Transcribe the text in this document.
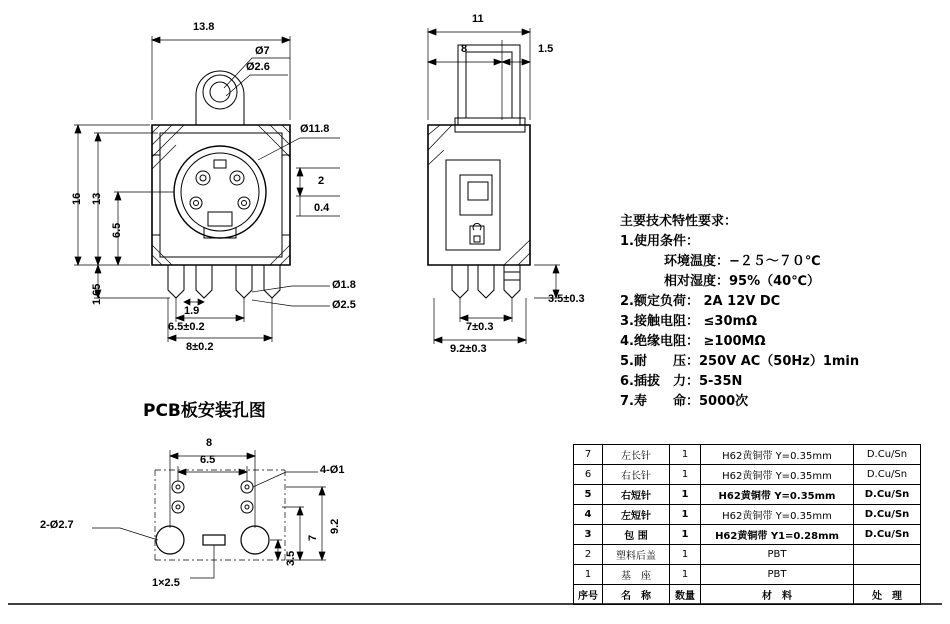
13.8
Ø7
Ø2.6
Ø11.8
16 13
6.5
1.65
2
0.4
1.9
Ø1.8
Ø2.5
6.5±0.2
8±0.2
11
8	1.5
3.5±0.3
7±0.3
9.2±0.3
PCB板安装孔图
8
6.5
4-Ø1
2-Ø2.7
1×2.5
9.2
7
3.5
主要技术特性要求：
1.使用条件：
环境温度：−２５～７０℃
相对湿度：95%（40℃）
2.额定负荷： 2A 12V DC
3.接触电阻： ≤30mΩ
4.绝缘电阻： ≥100MΩ
5.耐　　压：250V AC（50Hz）1min
6.插拔　力：5-35N
7.寿　　命：5000次
7	左长针	1	H62黄铜带 Y=0.35mm	D.Cu/Sn
6	右长针	1	H62黄铜带 Y=0.35mm	D.Cu/Sn
5	右短针	1	H62黄铜带 Y=0.35mm	D.Cu/Sn
4	左短针	1	H62黄铜带 Y=0.35mm	D.Cu/Sn
3	包 围	1	H62黄铜带 Y1=0.28mm	D.Cu/Sn
2	塑料后盖	1	PBT	
1	基　座	1	PBT	
序号	名　称	数量	材　料	处　理
